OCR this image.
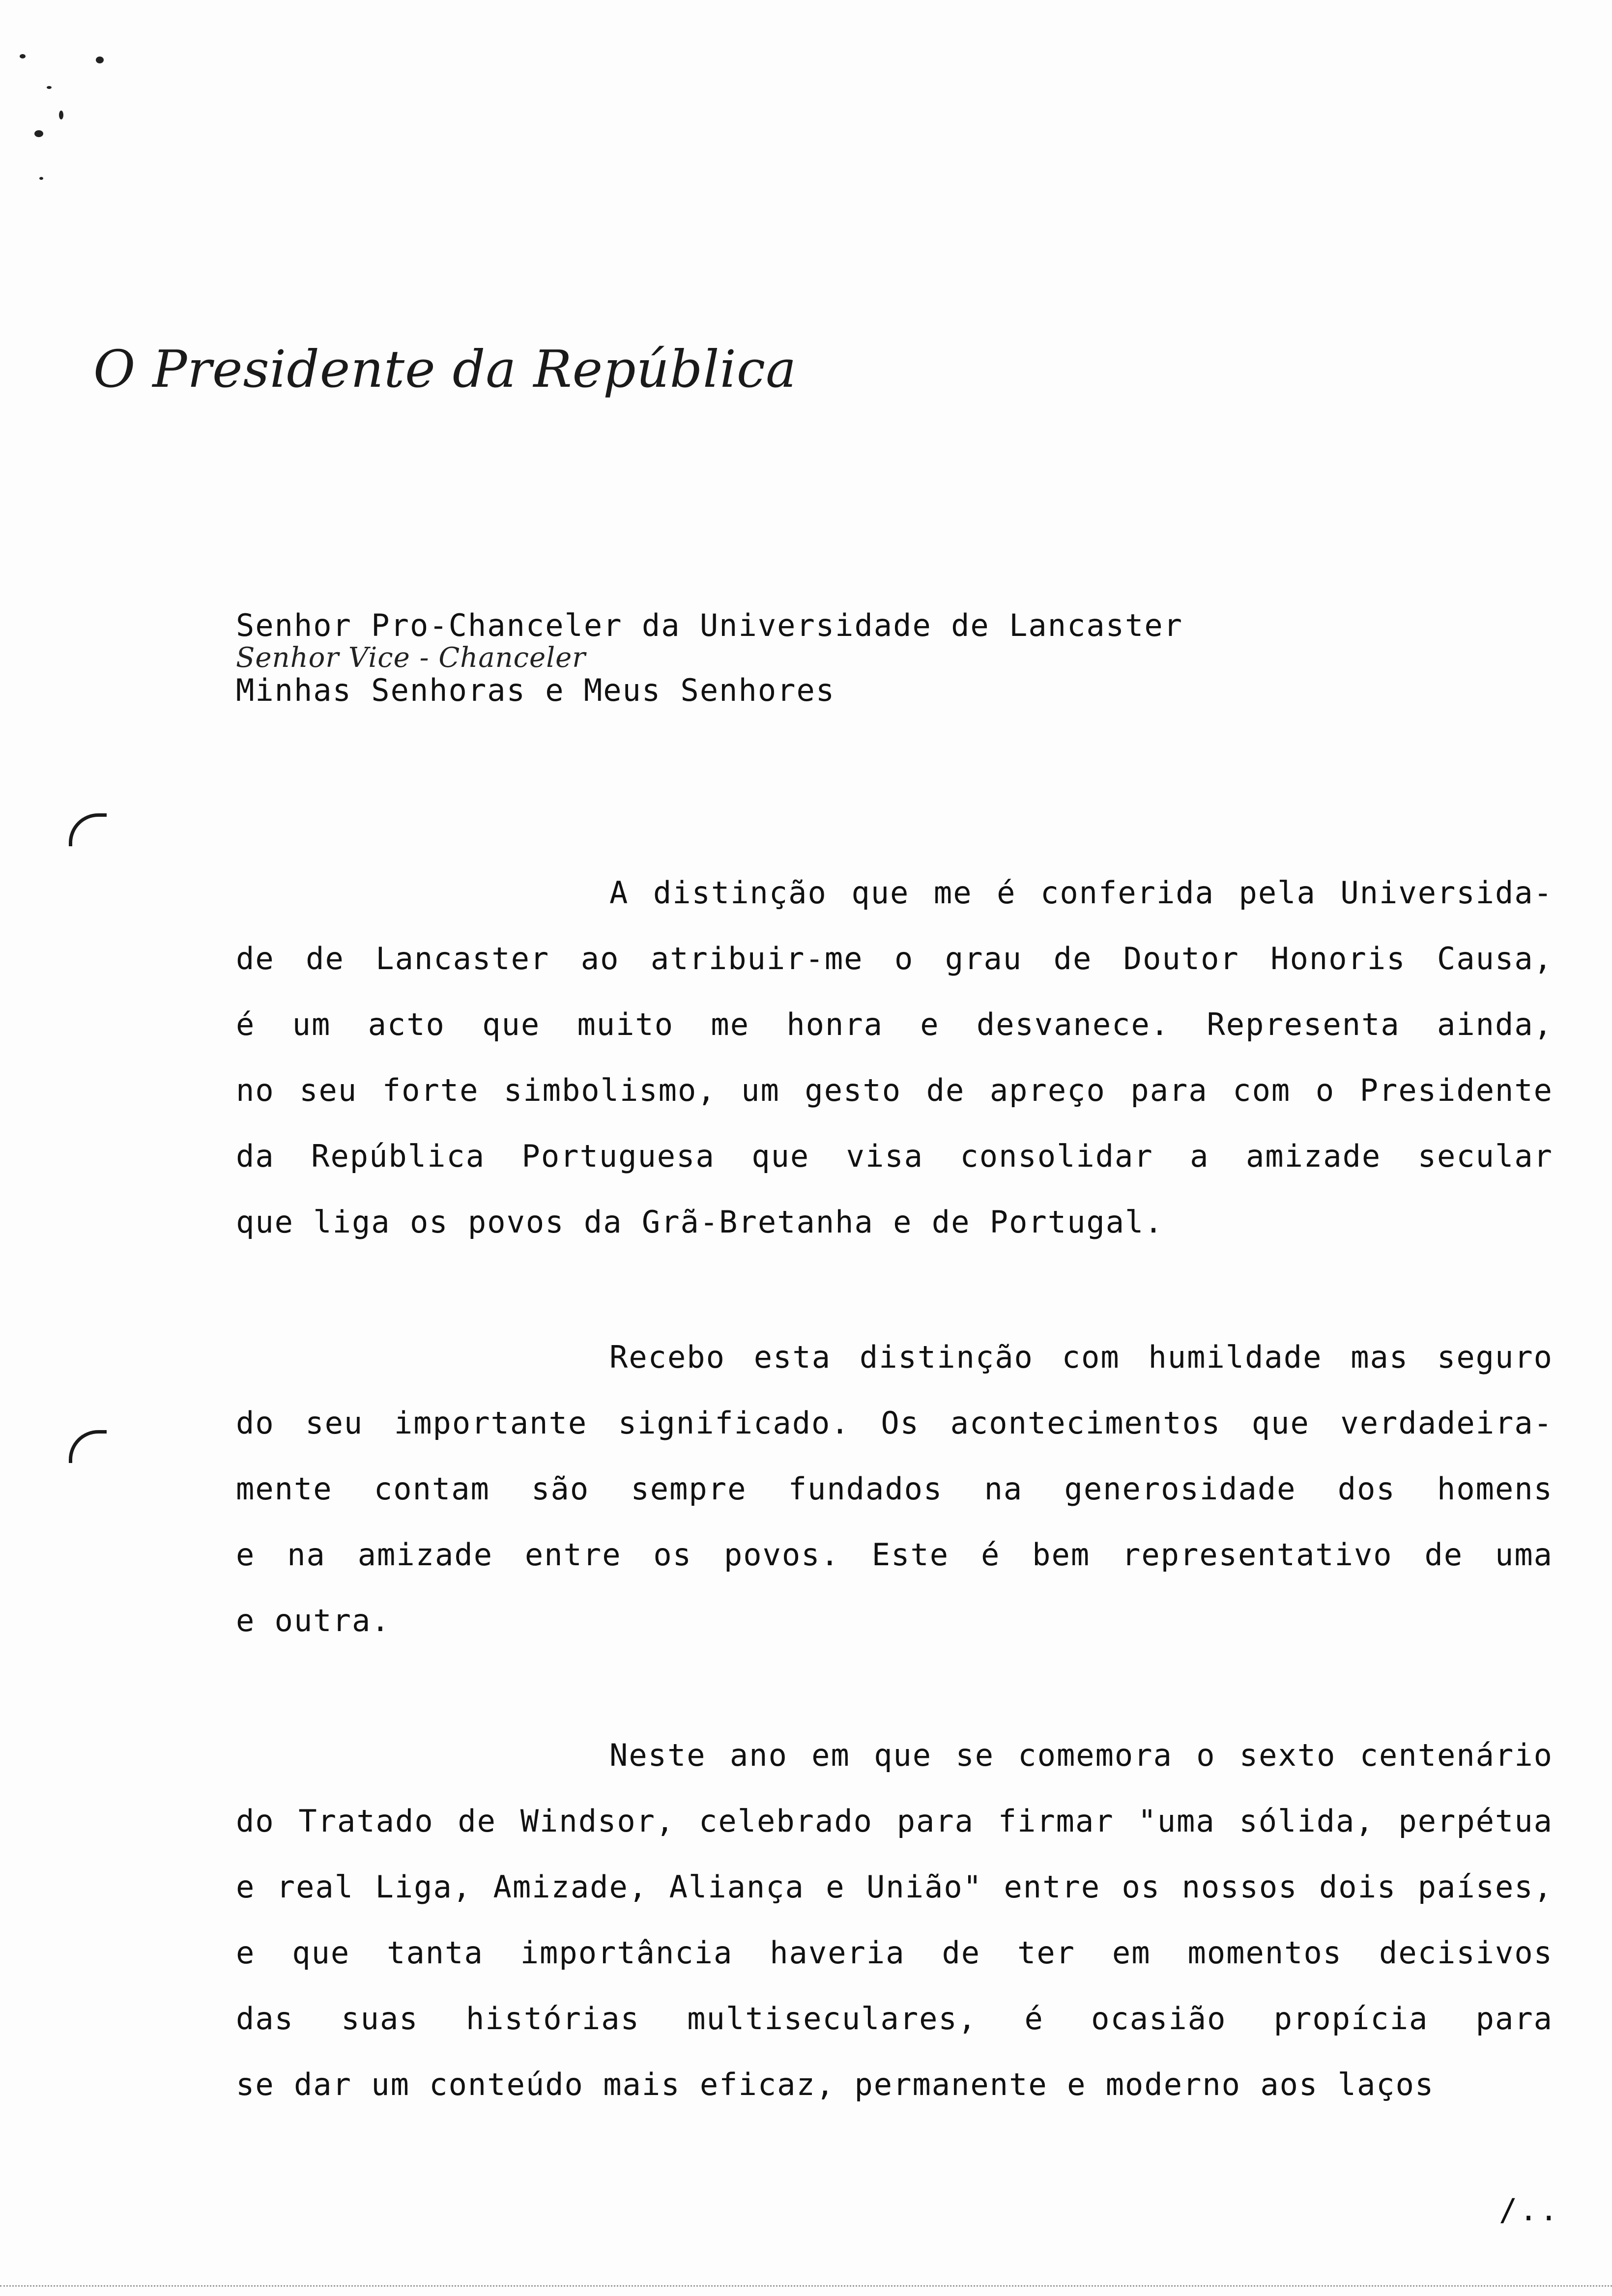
O Presidente da República
Senhor Pro-Chanceler da Universidade de Lancaster
Senhor Vice - Chanceler
Minhas Senhoras e Meus Senhores
A distinção que me é conferida pela Universida-
de de Lancaster ao atribuir-me o grau de Doutor Honoris Causa,
é um acto que muito me honra e desvanece. Representa ainda,
no seu forte simbolismo, um gesto de apreço para com o Presidente
da República Portuguesa que visa consolidar a amizade secular
que liga os povos da Grã-Bretanha e de Portugal.
Recebo esta distinção com humildade mas seguro
do seu importante significado. Os acontecimentos que verdadeira-
mente contam são sempre fundados na generosidade dos homens
e na amizade entre os povos. Este é bem representativo de uma
e outra.
Neste ano em que se comemora o sexto centenário
do Tratado de Windsor, celebrado para firmar "uma sólida, perpétua
e real Liga, Amizade, Aliança e União" entre os nossos dois países,
e que tanta importância haveria de ter em momentos decisivos
das suas histórias multiseculares, é ocasião propícia para
se dar um conteúdo mais eficaz, permanente e moderno aos laços
/..
